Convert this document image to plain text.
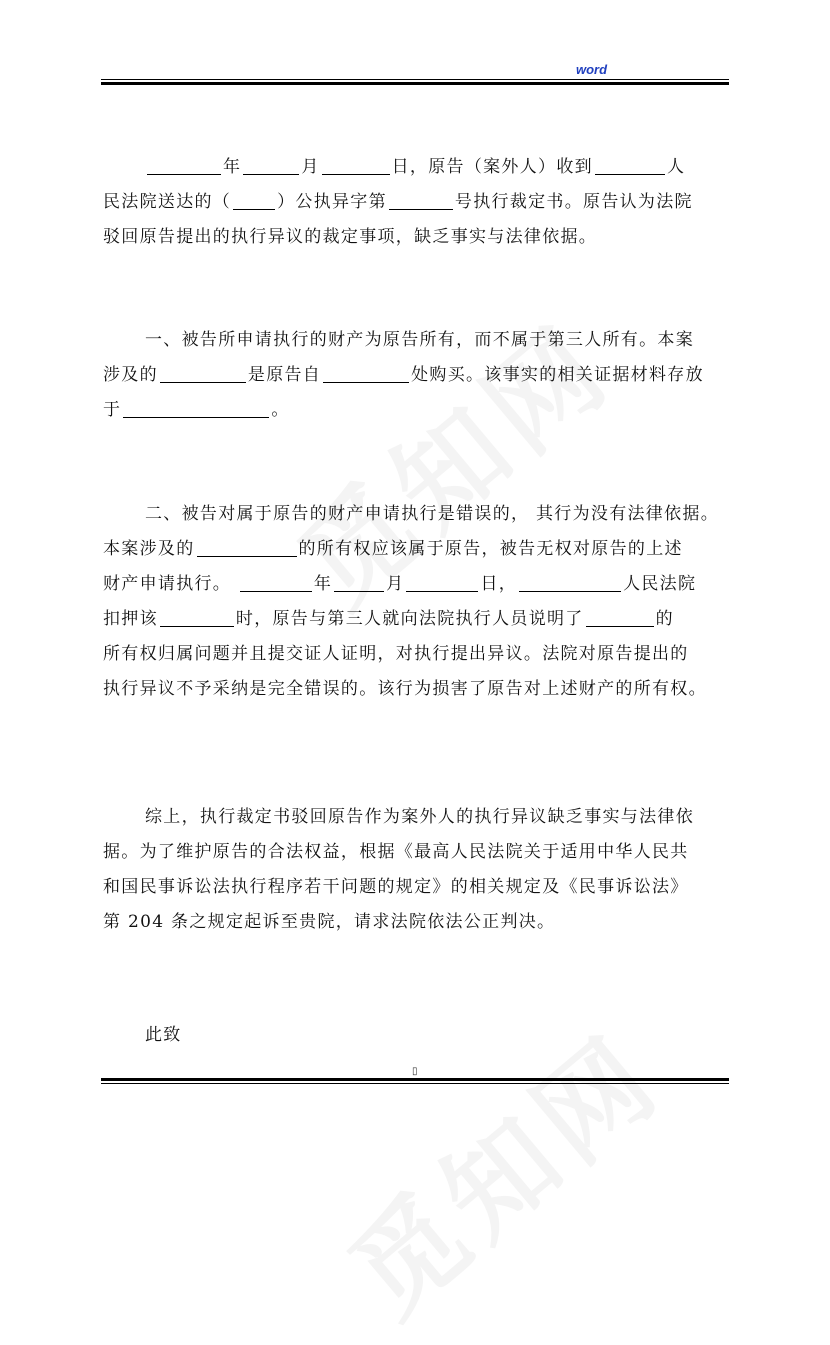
word
年	月	日，原告（案外人）收到	人
民法院送达的（	）公执异字第	号执行裁定书。原告认为法院
驳回原告提出的执行异议的裁定事项，缺乏事实与法律依据。
一、被告所申请执行的财产为原告所有，而不属于第三人所有。本案
涉及的	是原告自	处购买。该事实的相关证据材料存放
于	。
二、被告对属于原告的财产申请执行是错误的， 其行为没有法律依据。
本案涉及的	的所有权应该属于原告，被告无权对原告的上述
财产申请执行。	年	月	日，	人民法院
扣押该	时，原告与第三人就向法院执行人员说明了	的
所有权归属问题并且提交证人证明，对执行提出异议。法院对原告提出的
执行异议不予采纳是完全错误的。该行为损害了原告对上述财产的所有权。
综上，执行裁定书驳回原告作为案外人的执行异议缺乏事实与法律依
据。为了维护原告的合法权益，根据《最高人民法院关于适用中华人民共
和国民事诉讼法执行程序若干问题的规定》的相关规定及《民事诉讼法》
第 204 条之规定起诉至贵院，请求法院依法公正判决。
此致
▯
